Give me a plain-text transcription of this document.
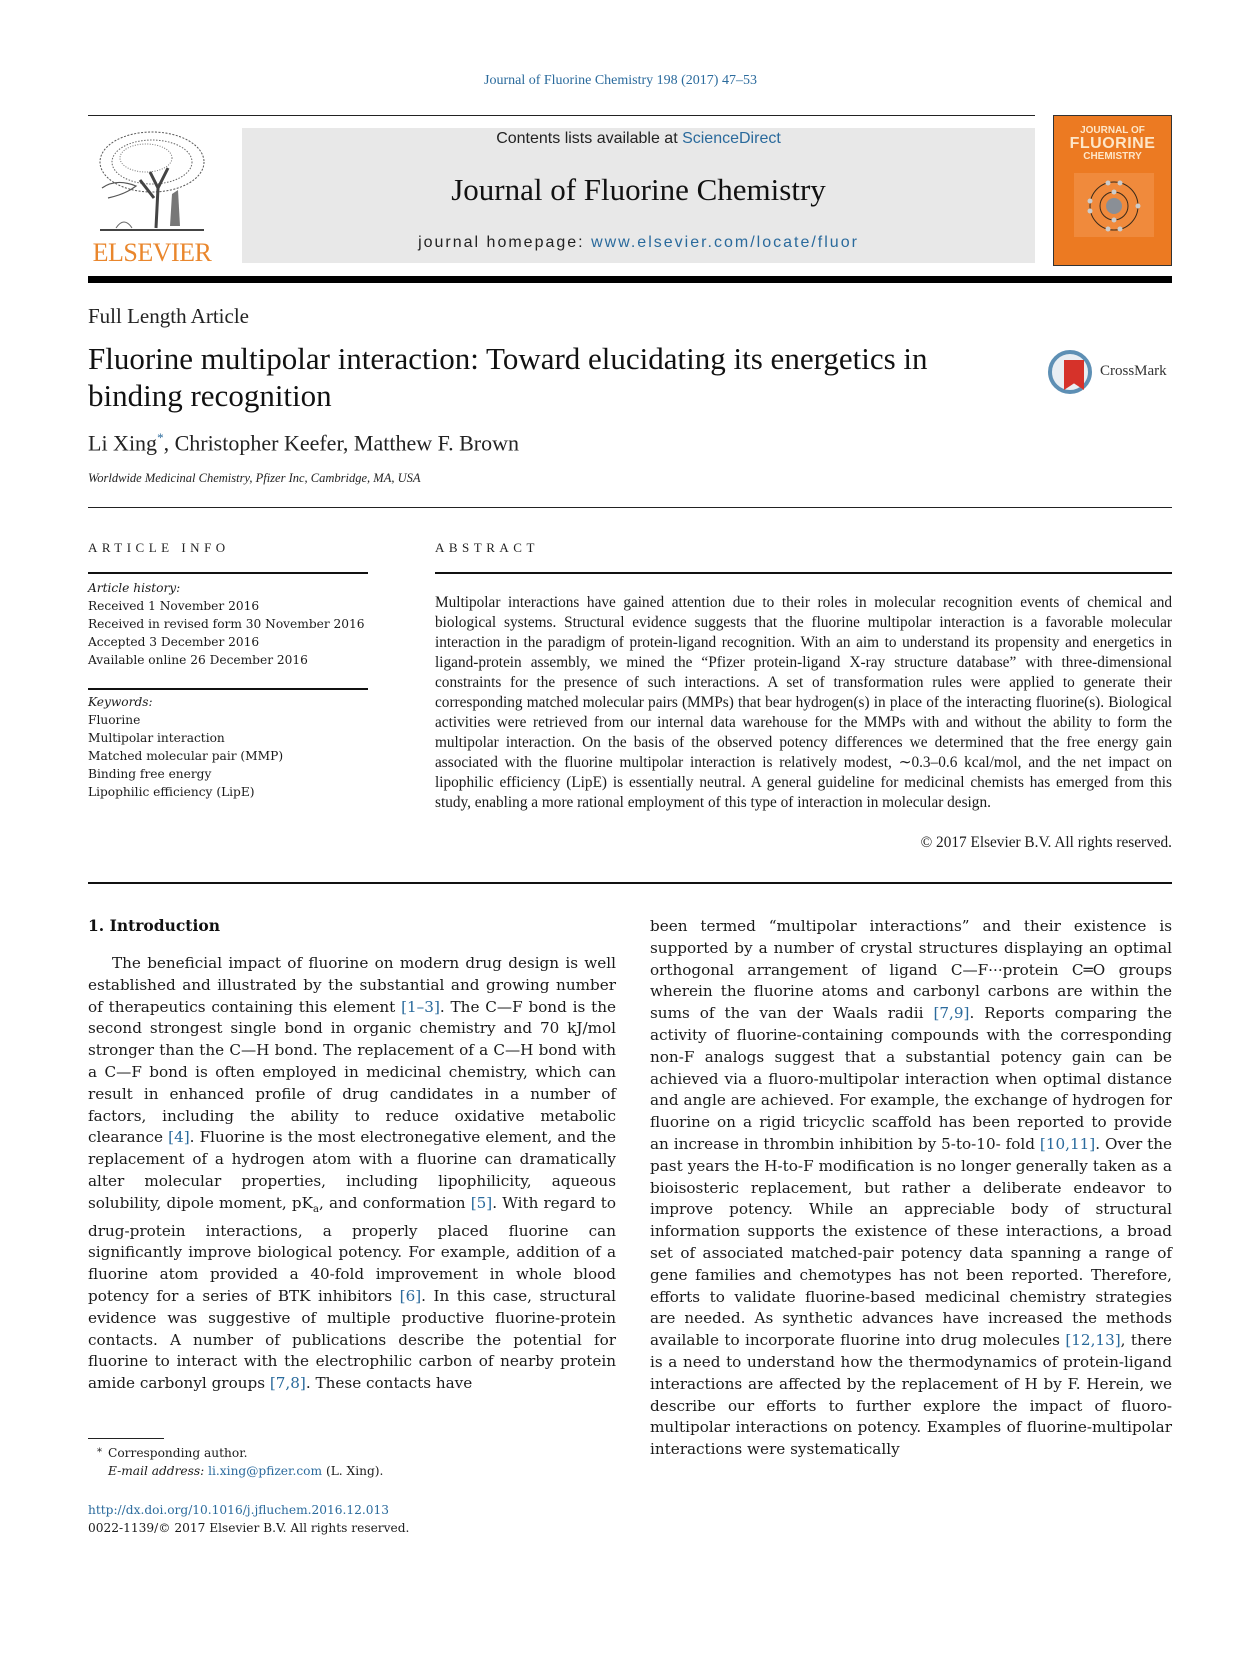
Journal of Fluorine Chemistry 198 (2017) 47–53
ELSEVIER
Contents lists available at ScienceDirect
Journal of Fluorine Chemistry
journal homepage: www.elsevier.com/locate/fluor
JOURNAL OF
FLUORINE
CHEMISTRY
Full Length Article
Fluorine multipolar interaction: Toward elucidating its energetics in binding recognition
CrossMark
Li Xing*, Christopher Keefer, Matthew F. Brown
Worldwide Medicinal Chemistry, Pfizer Inc, Cambridge, MA, USA
ARTICLE INFO	ABSTRACT
Article history:
Received 1 November 2016
Received in revised form 30 November 2016
Accepted 3 December 2016
Available online 26 December 2016
Keywords:
Fluorine
Multipolar interaction
Matched molecular pair (MMP)
Binding free energy
Lipophilic efficiency (LipE)
Multipolar interactions have gained attention due to their roles in molecular recognition events of chemical and biological systems. Structural evidence suggests that the fluorine multipolar interaction is a favorable molecular interaction in the paradigm of protein-ligand recognition. With an aim to understand its propensity and energetics in ligand-protein assembly, we mined the “Pfizer protein-ligand X-ray structure database” with three-dimensional constraints for the presence of such interactions. A set of transformation rules were applied to generate their corresponding matched molecular pairs (MMPs) that bear hydrogen(s) in place of the interacting fluorine(s). Biological activities were retrieved from our internal data warehouse for the MMPs with and without the ability to form the multipolar interaction. On the basis of the observed potency differences we determined that the free energy gain associated with the fluorine multipolar interaction is relatively modest, ∼0.3–0.6 kcal/mol, and the net impact on lipophilic efficiency (LipE) is essentially neutral. A general guideline for medicinal chemists has emerged from this study, enabling a more rational employment of this type of interaction in molecular design.
© 2017 Elsevier B.V. All rights reserved.
1. Introduction

The beneficial impact of fluorine on modern drug design is well established and illustrated by the substantial and growing number of therapeutics containing this element [1–3]. The C—F bond is the second strongest single bond in organic chemistry and 70 kJ/mol stronger than the C—H bond. The replacement of a C—H bond with a C—F bond is often employed in medicinal chemistry, which can result in enhanced profile of drug candidates in a number of factors, including the ability to reduce oxidative metabolic clearance [4]. Fluorine is the most electronegative element, and the replacement of a hydrogen atom with a fluorine can dramatically alter molecular properties, including lipophilicity, aqueous solubility, dipole moment, $pK_a$, and conformation [5]. With regard to drug-protein interactions, a properly placed fluorine can significantly improve biological potency. For example, addition of a fluorine atom provided a 40-fold improvement in whole blood potency for a series of BTK inhibitors [6]. In this case, structural evidence was suggestive of multiple productive fluorine-protein contacts. A number of publications describe the potential for fluorine to interact with the electrophilic carbon of nearby protein amide carbonyl groups [7,8]. These contacts have

been termed “multipolar interactions” and their existence is supported by a number of crystal structures displaying an optimal orthogonal arrangement of ligand C—F···protein C═O groups wherein the fluorine atoms and carbonyl carbons are within the sums of the van der Waals radii [7,9]. Reports comparing the activity of fluorine-containing compounds with the corresponding non-F analogs suggest that a substantial potency gain can be achieved via a fluoro-multipolar interaction when optimal distance and angle are achieved. For example, the exchange of hydrogen for fluorine on a rigid tricyclic scaffold has been reported to provide an increase in thrombin inhibition by 5-to-10- fold [10,11]. Over the past years the H-to-F modification is no longer generally taken as a bioisosteric replacement, but rather a deliberate endeavor to improve potency. While an appreciable body of structural information supports the existence of these interactions, a broad set of associated matched-pair potency data spanning a range of gene families and chemotypes has not been reported. Therefore, efforts to validate fluorine-based medicinal chemistry strategies are needed. As synthetic advances have increased the methods available to incorporate fluorine into drug molecules [12,13], there is a need to understand how the thermodynamics of protein-ligand interactions are affected by the replacement of H by F. Herein, we describe our efforts to further explore the impact of fluoro-multipolar interactions on potency. Examples of fluorine-multipolar interactions were systematically

* Corresponding author.
E-mail address: li.xing@pfizer.com (L. Xing).
http://dx.doi.org/10.1016/j.jfluchem.2016.12.013
0022-1139/© 2017 Elsevier B.V. All rights reserved.
